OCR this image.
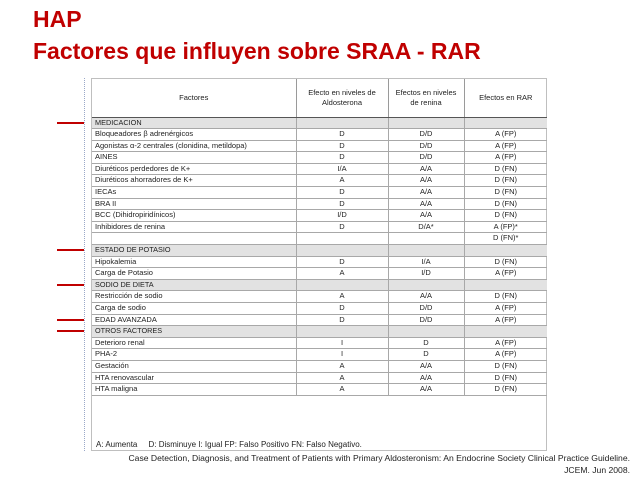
HAP
Factores que influyen sobre SRAA - RAR
Factores	Efecto en niveles de Aldosterona	Efectos en niveles de renina	Efectos en RAR
MEDICACION			
Bloqueadores β adrenérgicos	D	D/D	A (FP)
Agonistas α-2 centrales (clonidina, metildopa)	D	D/D	A (FP)
AINES	D	D/D	A (FP)
Diuréticos perdedores de K+	I/A	A/A	D (FN)
Diuréticos ahorradores de K+	A	A/A	D (FN)
IECAs	D	A/A	D (FN)
BRA II	D	A/A	D (FN)
BCC (Dihidropiridínicos)	I/D	A/A	D (FN)
Inhibidores de renina	D	D/A*	A (FP)*
			D (FN)*
ESTADO DE POTASIO			
Hipokalemia	D	I/A	D (FN)
Carga de Potasio	A	I/D	A (FP)
SODIO DE DIETA			
Restricción de sodio	A	A/A	D (FN)
Carga de sodio	D	D/D	A (FP)
EDAD AVANZADA	D	D/D	A (FP)
OTROS FACTORES			
Deterioro renal	I	D	A (FP)
PHA-2	I	D	A (FP)
Gestación	A	A/A	D (FN)
HTA renovascular	A	A/A	D (FN)
HTA maligna	A	A/A	D (FN)
A: Aumenta     D: Disminuye I: Igual FP: Falso Positivo FN: Falso Negativo.
Case Detection, Diagnosis, and Treatment of Patients with Primary Aldosteronism: An Endocrine Society Clinical Practice Guideline.
JCEM. Jun 2008.
